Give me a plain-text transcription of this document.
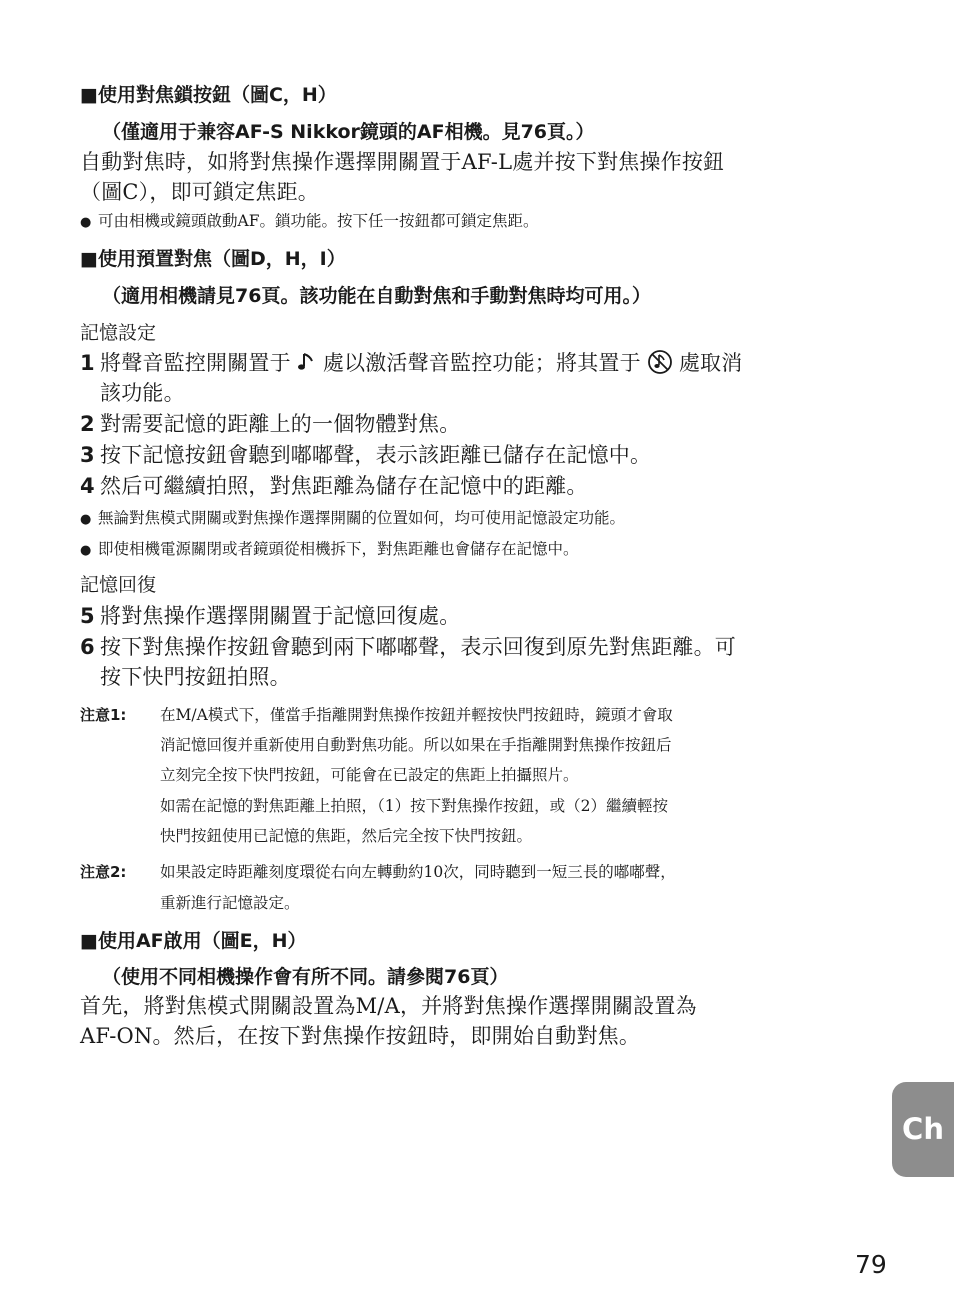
■使用對焦鎖按鈕（圖C，H）
（僅適用于兼容AF-S Nikkor鏡頭的AF相機。見76頁。）
自動對焦時，如將對焦操作選擇開關置于AF-L處并按下對焦操作按鈕
（圖C），即可鎖定焦距。
● 可由相機或鏡頭啟動AF。鎖功能。按下任一按鈕都可鎖定焦距。
■使用預置對焦（圖D，H，I）
（適用相機請見76頁。該功能在自動對焦和手動對焦時均可用。）
記憶設定
1 將聲音監控開關置于 處以激活聲音監控功能；將其置于 處取消
該功能。
2 對需要記憶的距離上的一個物體對焦。
3 按下記憶按鈕會聽到嘟嘟聲，表示該距離已儲存在記憶中。
4 然后可繼續拍照，對焦距離為儲存在記憶中的距離。
● 無論對焦模式開關或對焦操作選擇開關的位置如何，均可使用記憶設定功能。
● 即使相機電源關閉或者鏡頭從相機拆下，對焦距離也會儲存在記憶中。
記憶回復
5 將對焦操作選擇開關置于記憶回復處。
6 按下對焦操作按鈕會聽到兩下嘟嘟聲，表示回復到原先對焦距離。可
按下快門按鈕拍照。
注意1: 在M/A模式下，僅當手指離開對焦操作按鈕并輕按快門按鈕時，鏡頭才會取
消記憶回復并重新使用自動對焦功能。所以如果在手指離開對焦操作按鈕后
立刻完全按下快門按鈕，可能會在已設定的焦距上拍攝照片。
如需在記憶的對焦距離上拍照，（1）按下對焦操作按鈕，或（2）繼續輕按
快門按鈕使用已記憶的焦距，然后完全按下快門按鈕。
注意2: 如果設定時距離刻度環從右向左轉動約10次，同時聽到一短三長的嘟嘟聲，
重新進行記憶設定。
■使用AF啟用（圖E，H）
（使用不同相機操作會有所不同。請參閱76頁）
首先，將對焦模式開關設置為M/A，并將對焦操作選擇開關設置為
AF-ON。然后，在按下對焦操作按鈕時，即開始自動對焦。
Ch
79
